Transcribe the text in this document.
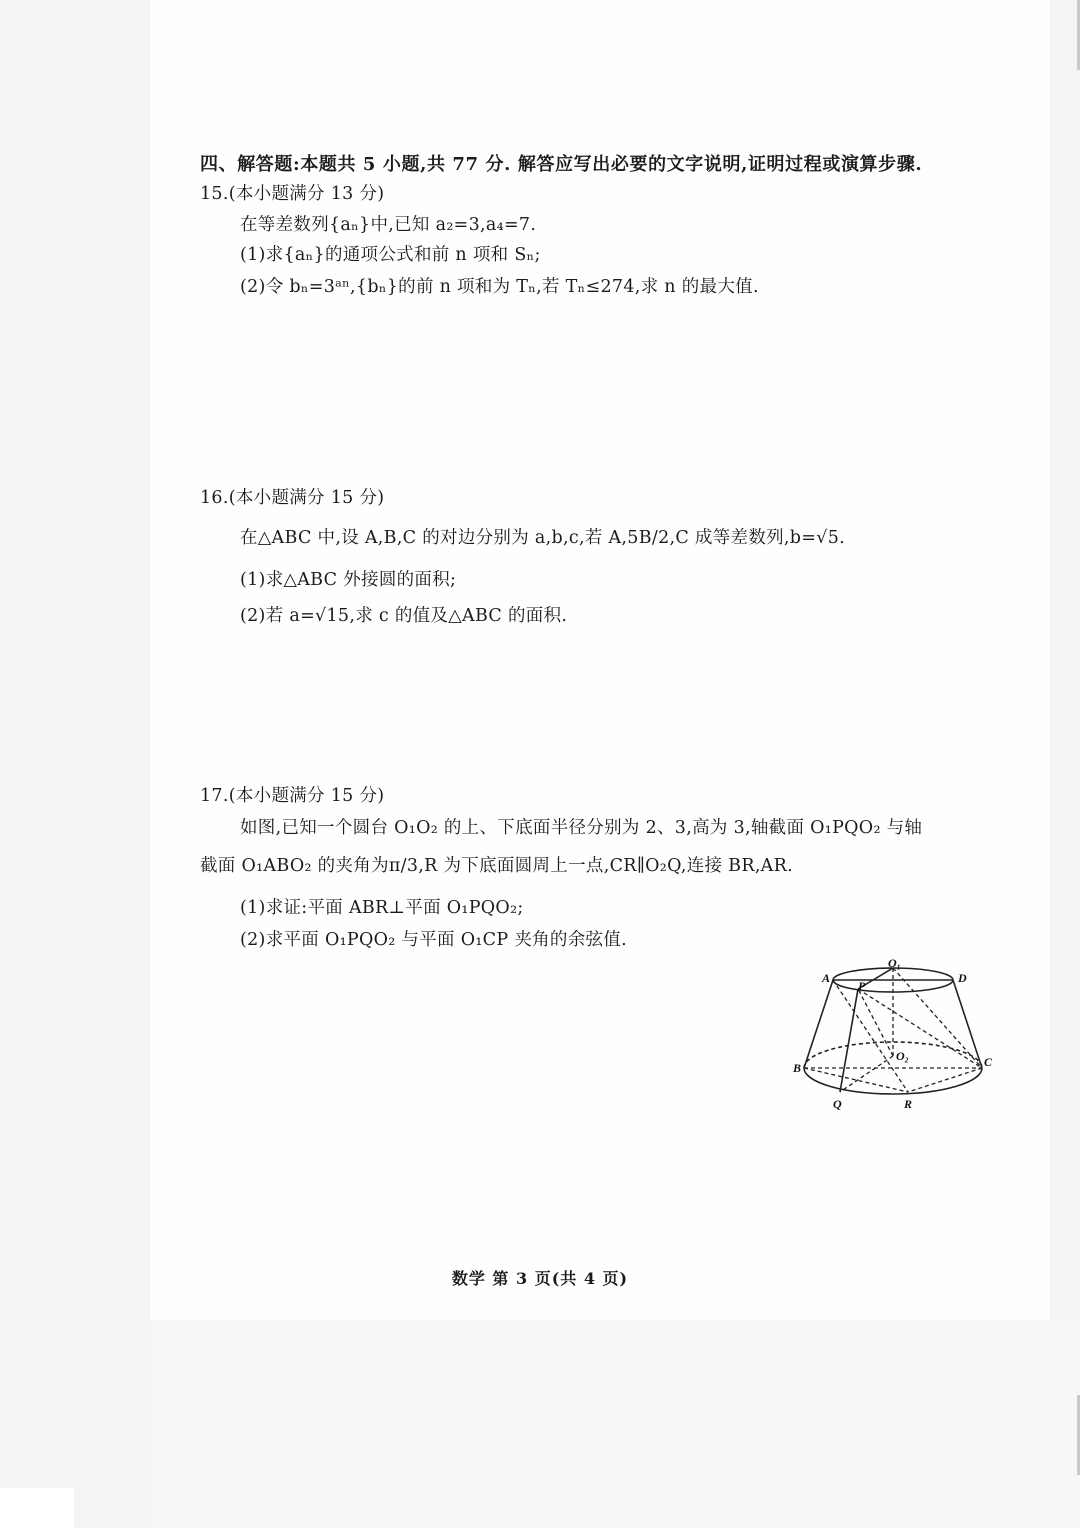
四、解答题:本题共 5 小题,共 77 分. 解答应写出必要的文字说明,证明过程或演算步骤.
15.(本小题满分 13 分)
在等差数列{aₙ}中,已知 a₂=3,a₄=7.
(1)求{aₙ}的通项公式和前 n 项和 Sₙ;
(2)令 bₙ=3ᵃⁿ,{bₙ}的前 n 项和为 Tₙ,若 Tₙ≤274,求 n 的最大值.
16.(本小题满分 15 分)
在△ABC 中,设 A,B,C 的对边分别为 a,b,c,若 A,5B/2,C 成等差数列,b=√5.
(1)求△ABC 外接圆的面积;
(2)若 a=√15,求 c 的值及△ABC 的面积.
17.(本小题满分 15 分)
如图,已知一个圆台 O₁O₂ 的上、下底面半径分别为 2、3,高为 3,轴截面 O₁PQO₂ 与轴
截面 O₁ABO₂ 的夹角为π/3,R 为下底面圆周上一点,CR∥O₂Q,连接 BR,AR.
(1)求证:平面 ABR⊥平面 O₁PQO₂;
(2)求平面 O₁PQO₂ 与平面 O₁CP 夹角的余弦值.
A
O₁
D
P
O₂
B	C
Q	R
数学 第 3 页(共 4 页)
